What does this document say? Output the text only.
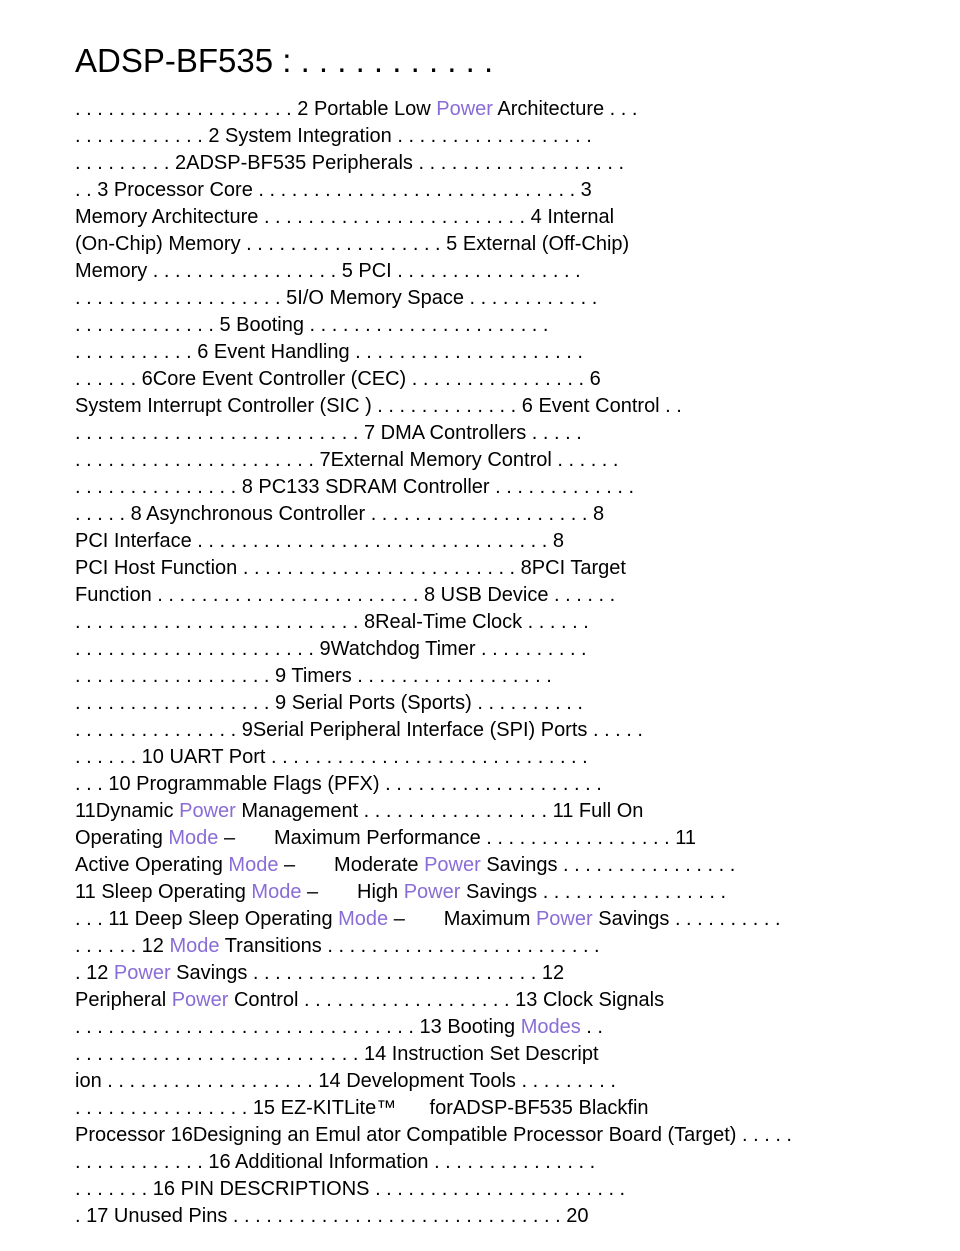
ADSP-BF535 : . . . . . . . . . . .
. . . . . . . . . . . . . . . . . . . . 2 Portable Low Power Architecture . . .
. . . . . . . . . . . . 2 System Integration . . . . . . . . . . . . . . . . . .
. . . . . . . . . 2ADSP-BF535 Peripherals . . . . . . . . . . . . . . . . . . .
. . 3 Processor Core . . . . . . . . . . . . . . . . . . . . . . . . . . . . . 3
Memory Architecture . . . . . . . . . . . . . . . . . . . . . . . . 4 Internal
(On-Chip) Memory . . . . . . . . . . . . . . . . . . 5 External (Off-Chip)
Memory . . . . . . . . . . . . . . . . . 5 PCI . . . . . . . . . . . . . . . . .
. . . . . . . . . . . . . . . . . . . 5I/O Memory Space . . . . . . . . . . . .
. . . . . . . . . . . . . 5 Booting . . . . . . . . . . . . . . . . . . . . . .
. . . . . . . . . . . 6 Event Handling . . . . . . . . . . . . . . . . . . . . .
. . . . . . 6Core Event Controller (CEC) . . . . . . . . . . . . . . . . 6
System Interrupt Controller (SIC ) . . . . . . . . . . . . . 6 Event Control . .
. . . . . . . . . . . . . . . . . . . . . . . . . . 7 DMA Controllers . . . . .
. . . . . . . . . . . . . . . . . . . . . . 7External Memory Control . . . . . .
. . . . . . . . . . . . . . . 8 PC133 SDRAM Controller . . . . . . . . . . . . .
. . . . . 8 Asynchronous Controller . . . . . . . . . . . . . . . . . . . . 8
PCI Interface . . . . . . . . . . . . . . . . . . . . . . . . . . . . . . . . 8
PCI Host Function . . . . . . . . . . . . . . . . . . . . . . . . . 8PCI Target
Function . . . . . . . . . . . . . . . . . . . . . . . . 8 USB Device . . . . . .
. . . . . . . . . . . . . . . . . . . . . . . . . . 8Real-Time Clock . . . . . .
. . . . . . . . . . . . . . . . . . . . . . 9Watchdog Timer . . . . . . . . . .
. . . . . . . . . . . . . . . . . . 9 Timers . . . . . . . . . . . . . . . . . .
. . . . . . . . . . . . . . . . . . 9 Serial Ports (Sports) . . . . . . . . . .
. . . . . . . . . . . . . . . 9Serial Peripheral Interface (SPI) Ports . . . . .
. . . . . . 10 UART Port . . . . . . . . . . . . . . . . . . . . . . . . . . . . .
. . . 10 Programmable Flags (PFX) . . . . . . . . . . . . . . . . . . . .
11Dynamic Power Management . . . . . . . . . . . . . . . . . 11 Full On
Operating Mode –       Maximum Performance . . . . . . . . . . . . . . . . . 11
Active Operating Mode –       Moderate Power Savings . . . . . . . . . . . . . . . .
11 Sleep Operating Mode –       High Power Savings . . . . . . . . . . . . . . . . .
. . . 11 Deep Sleep Operating Mode –       Maximum Power Savings . . . . . . . . . .
. . . . . . 12 Mode Transitions . . . . . . . . . . . . . . . . . . . . . . . . .
. 12 Power Savings . . . . . . . . . . . . . . . . . . . . . . . . . . 12
Peripheral Power Control . . . . . . . . . . . . . . . . . . . 13 Clock Signals
. . . . . . . . . . . . . . . . . . . . . . . . . . . . . . . 13 Booting Modes . .
. . . . . . . . . . . . . . . . . . . . . . . . . . 14 Instruction Set Descript
ion . . . . . . . . . . . . . . . . . . . 14 Development Tools . . . . . . . . .
. . . . . . . . . . . . . . . . 15 EZ-KITLite™      forADSP-BF535 Blackfin
Processor 16Designing an Emul ator Compatible Processor Board (Target) . . . . .
. . . . . . . . . . . . 16 Additional Information . . . . . . . . . . . . . . .
. . . . . . . 16 PIN DESCRIPTIONS . . . . . . . . . . . . . . . . . . . . . . .
. 17 Unused Pins . . . . . . . . . . . . . . . . . . . . . . . . . . . . . . 20
